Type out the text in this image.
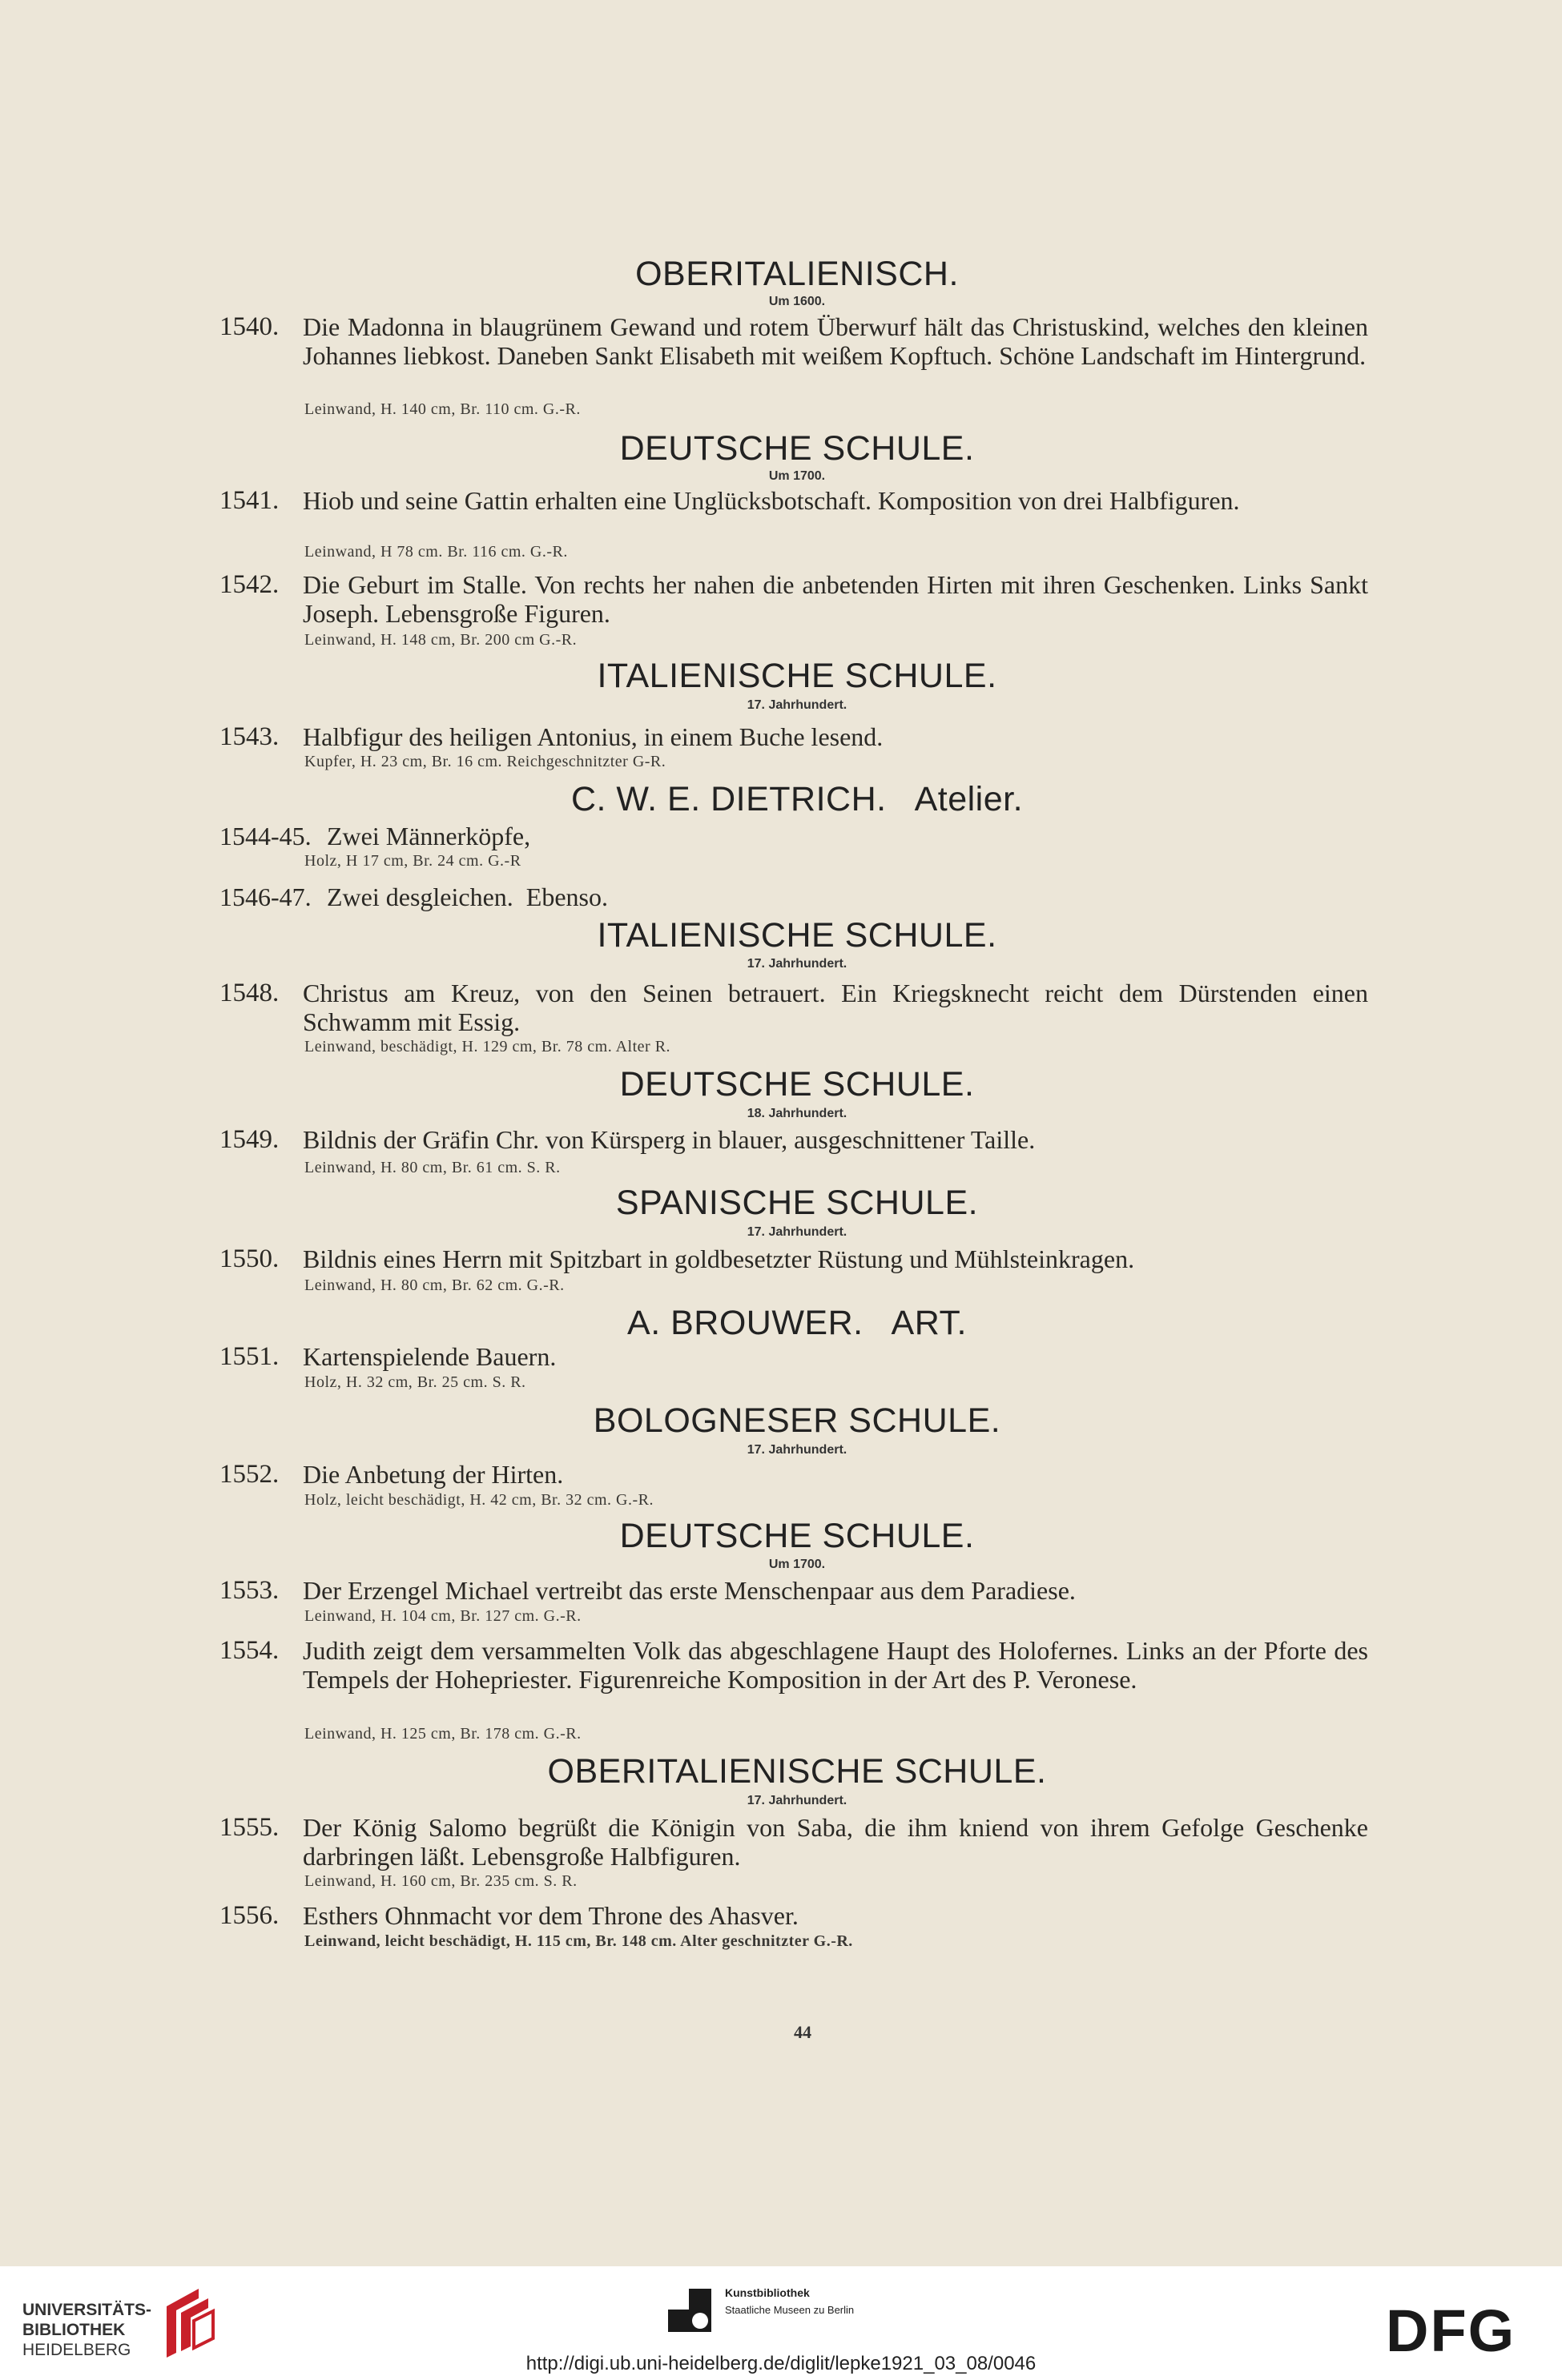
OBERITALIENISCH.
Um 1600.
1540. Die Madonna in blaugrünem Gewand und rotem Überwurf hält das Christuskind, welches den kleinen Johannes liebkost. Daneben Sankt Elisabeth mit weißem Kopftuch. Schöne Landschaft im Hintergrund.
Leinwand, H. 140 cm, Br. 110 cm. G.-R.
DEUTSCHE SCHULE.
Um 1700.
1541. Hiob und seine Gattin erhalten eine Unglücksbotschaft. Komposition von drei Halbfiguren.
Leinwand, H 78 cm. Br. 116 cm. G.-R.
1542. Die Geburt im Stalle. Von rechts her nahen die anbetenden Hirten mit ihren Geschenken. Links Sankt Joseph. Lebensgroße Figuren.
Leinwand, H. 148 cm, Br. 200 cm G.-R.
ITALIENISCHE SCHULE.
17. Jahrhundert.
1543. Halbfigur des heiligen Antonius, in einem Buche lesend.
Kupfer, H. 23 cm, Br. 16 cm. Reichgeschnitzter G-R.
C. W. E. DIETRICH.   Atelier.
1544-45. Zwei Männerköpfe,
Holz, H 17 cm, Br. 24 cm. G.-R
1546-47. Zwei desgleichen.  Ebenso.
ITALIENISCHE SCHULE.
17. Jahrhundert.
1548. Christus am Kreuz, von den Seinen betrauert. Ein Kriegsknecht reicht dem Dürstenden einen Schwamm mit Essig.
Leinwand, beschädigt, H. 129 cm, Br. 78 cm. Alter R.
DEUTSCHE SCHULE.
18. Jahrhundert.
1549. Bildnis der Gräfin Chr. von Kürsperg in blauer, ausgeschnittener Taille.
Leinwand, H. 80 cm, Br. 61 cm. S. R.
SPANISCHE SCHULE.
17. Jahrhundert.
1550. Bildnis eines Herrn mit Spitzbart in goldbesetzter Rüstung und Mühlsteinkragen.
Leinwand, H. 80 cm, Br. 62 cm. G.-R.
A. BROUWER.   ART.
1551. Kartenspielende Bauern.
Holz, H. 32 cm, Br. 25 cm. S. R.
BOLOGNESER SCHULE.
17. Jahrhundert.
1552. Die Anbetung der Hirten.
Holz, leicht beschädigt, H. 42 cm, Br. 32 cm. G.-R.
DEUTSCHE SCHULE.
Um 1700.
1553. Der Erzengel Michael vertreibt das erste Menschenpaar aus dem Paradiese.
Leinwand, H. 104 cm, Br. 127 cm. G.-R.
1554. Judith zeigt dem versammelten Volk das abgeschlagene Haupt des Holofernes. Links an der Pforte des Tempels der Hohepriester. Figurenreiche Komposition in der Art des P. Veronese.
Leinwand, H. 125 cm, Br. 178 cm. G.-R.
OBERITALIENISCHE SCHULE.
17. Jahrhundert.
1555. Der König Salomo begrüßt die Königin von Saba, die ihm kniend von ihrem Gefolge Geschenke darbringen läßt. Lebensgroße Halbfiguren.
Leinwand, H. 160 cm, Br. 235 cm. S. R.
1556. Esthers Ohnmacht vor dem Throne des Ahasver.
Leinwand, leicht beschädigt, H. 115 cm, Br. 148 cm. Alter geschnitzter G.-R.
44
UNIVERSITÄTS-
BIBLIOTHEK
HEIDELBERG
Kunstbibliothek
Staatliche Museen zu Berlin	DFG
http://digi.ub.uni-heidelberg.de/diglit/lepke1921_03_08/0046
